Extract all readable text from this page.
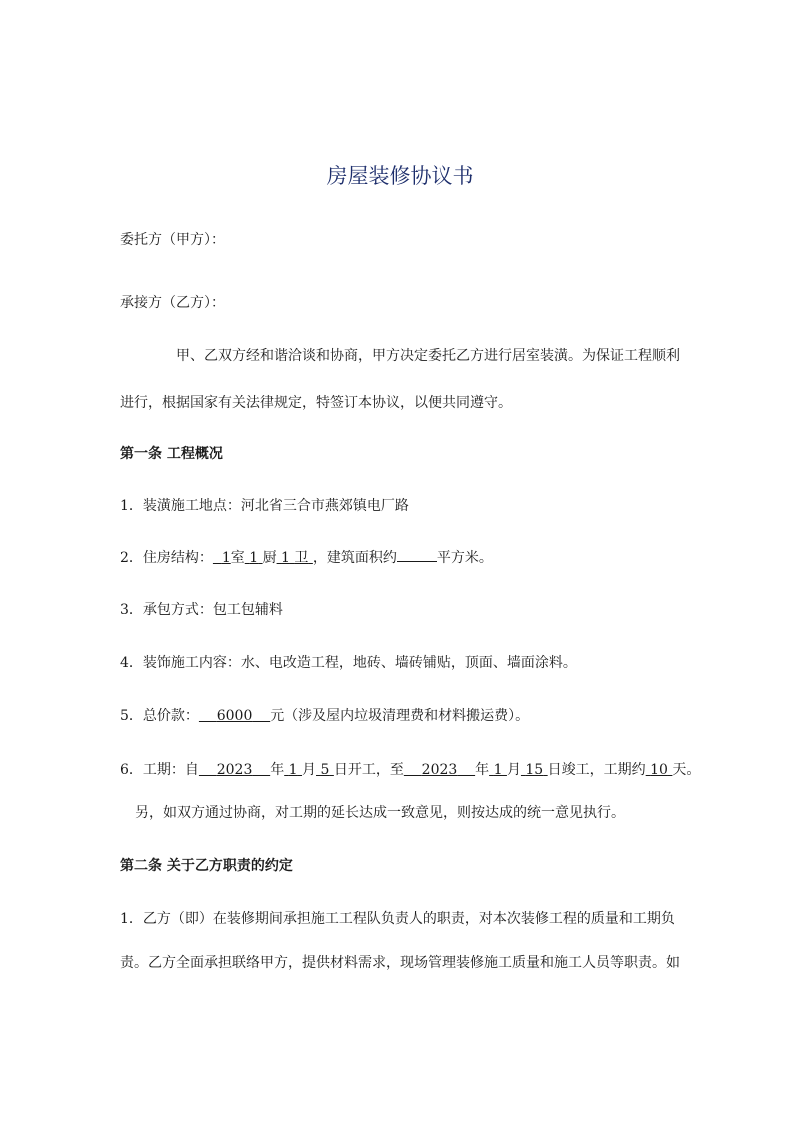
房屋装修协议书
委托方（甲方）：
承接方（乙方）：
甲、乙双方经和谐洽谈和协商，甲方决定委托乙方进行居室装潢。为保证工程顺利
进行，根据国家有关法律规定，特签订本协议，以便共同遵守。
第一条 工程概况
1．装潢施工地点：河北省三合市燕郊镇电厂路
2．住房结构： 1室 1 厨 1 卫 ，建筑面积约	平方米。
3．承包方式：包工包辅料
4．装饰施工内容：水、电改造工程，地砖、墙砖铺贴，顶面、墙面涂料。
5．总价款： 6000 元（涉及屋内垃圾清理费和材料搬运费）。
6．工期：自 2023 年 1 月 5 日开工，至 2023 年 1 月 15 日竣工，工期约 10 天。
另，如双方通过协商，对工期的延长达成一致意见，则按达成的统一意见执行。
第二条 关于乙方职责的约定
1．乙方（即）在装修期间承担施工工程队负责人的职责，对本次装修工程的质量和工期负
责。乙方全面承担联络甲方，提供材料需求，现场管理装修施工质量和施工人员等职责。如
